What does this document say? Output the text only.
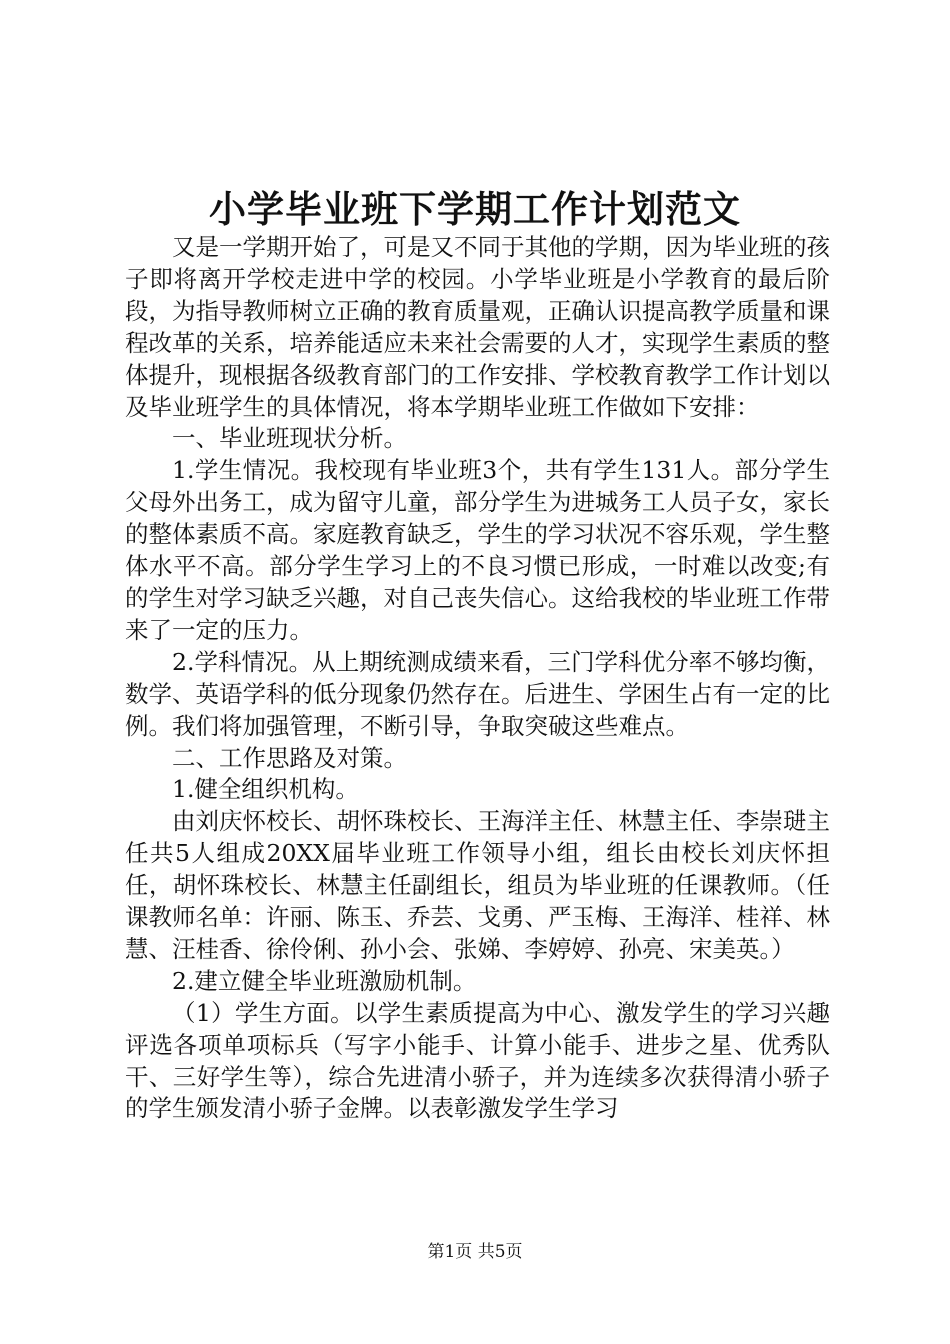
小学毕业班下学期工作计划范文

又是一学期开始了，可是又不同于其他的学期，因为毕业班的孩子即将离开学校走进中学的校园。小学毕业班是小学教育的最后阶段，为指导教师树立正确的教育质量观，正确认识提高教学质量和课程改革的关系，培养能适应未来社会需要的人才，实现学生素质的整体提升，现根据各级教育部门的工作安排、学校教育教学工作计划以及毕业班学生的具体情况，将本学期毕业班工作做如下安排：

一、毕业班现状分析。

1.学生情况。我校现有毕业班3个，共有学生131人。部分学生父母外出务工，成为留守儿童，部分学生为进城务工人员子女，家长的整体素质不高。家庭教育缺乏，学生的学习状况不容乐观，学生整体水平不高。部分学生学习上的不良习惯已形成，一时难以改变;有的学生对学习缺乏兴趣，对自己丧失信心。这给我校的毕业班工作带来了一定的压力。

2.学科情况。从上期统测成绩来看，三门学科优分率不够均衡，数学、英语学科的低分现象仍然存在。后进生、学困生占有一定的比例。我们将加强管理，不断引导，争取突破这些难点。

二、工作思路及对策。

1.健全组织机构。

由刘庆怀校长、胡怀珠校长、王海洋主任、林慧主任、李崇琎主任共5人组成20XX届毕业班工作领导小组，组长由校长刘庆怀担任，胡怀珠校长、林慧主任副组长，组员为毕业班的任课教师。（任课教师名单：许丽、陈玉、乔芸、戈勇、严玉梅、王海洋、桂祥、林慧、汪桂香、徐伶俐、孙小会、张娣、李婷婷、孙亮、宋美英。）

2.建立健全毕业班激励机制。

（1）学生方面。以学生素质提高为中心、激发学生的学习兴趣评选各项单项标兵（写字小能手、计算小能手、进步之星、优秀队干、三好学生等），综合先进清小骄子，并为连续多次获得清小骄子的学生颁发清小骄子金牌。以表彰激发学生学习

第1页 共5页
